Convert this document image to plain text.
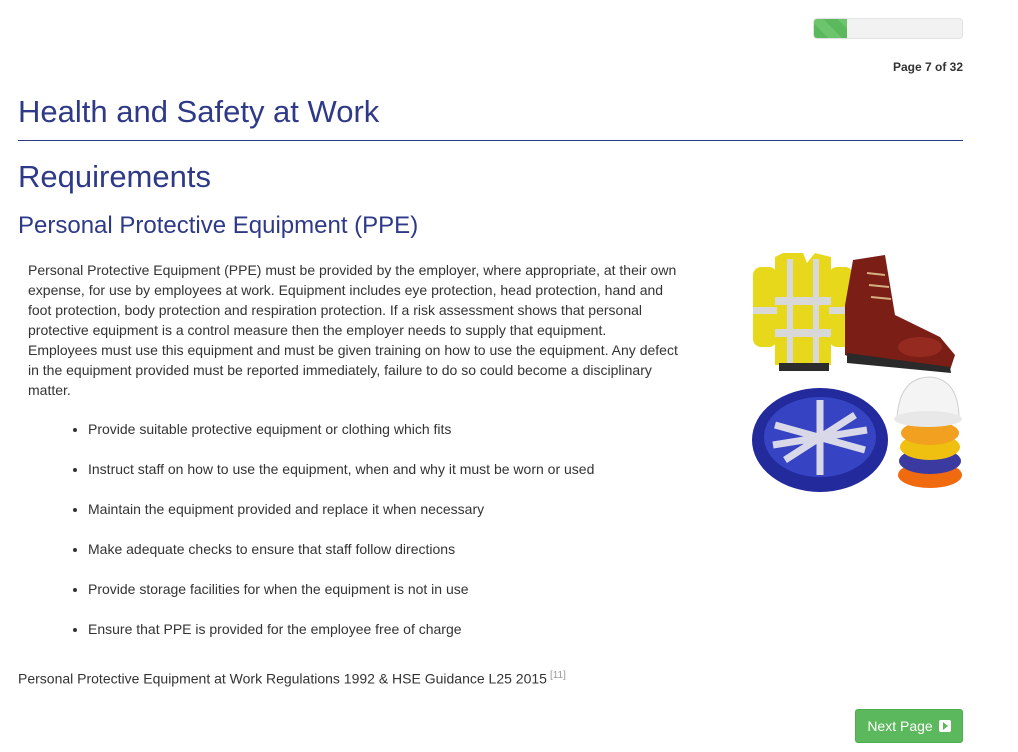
Page 7 of 32
Health and Safety at Work
Requirements
Personal Protective Equipment (PPE)

Personal Protective Equipment (PPE) must be provided by the employer, where appropriate, at their own expense, for use by employees at work. Equipment includes eye protection, head protection, hand and foot protection, body protection and respiration protection. If a risk assessment shows that personal protective equipment is a control measure then the employer needs to supply that equipment. Employees must use this equipment and must be given training on how to use the equipment. Any defect in the equipment provided must be reported immediately, failure to do so could become a disciplinary matter.

• Provide suitable protective equipment or clothing which fits
• Instruct staff on how to use the equipment, when and why it must be worn or used
• Maintain the equipment provided and replace it when necessary
• Make adequate checks to ensure that staff follow directions
• Provide storage facilities for when the equipment is not in use
• Ensure that PPE is provided for the employee free of charge
Personal Protective Equipment at Work Regulations 1992 & HSE Guidance L25 2015 [11]
Next Page
